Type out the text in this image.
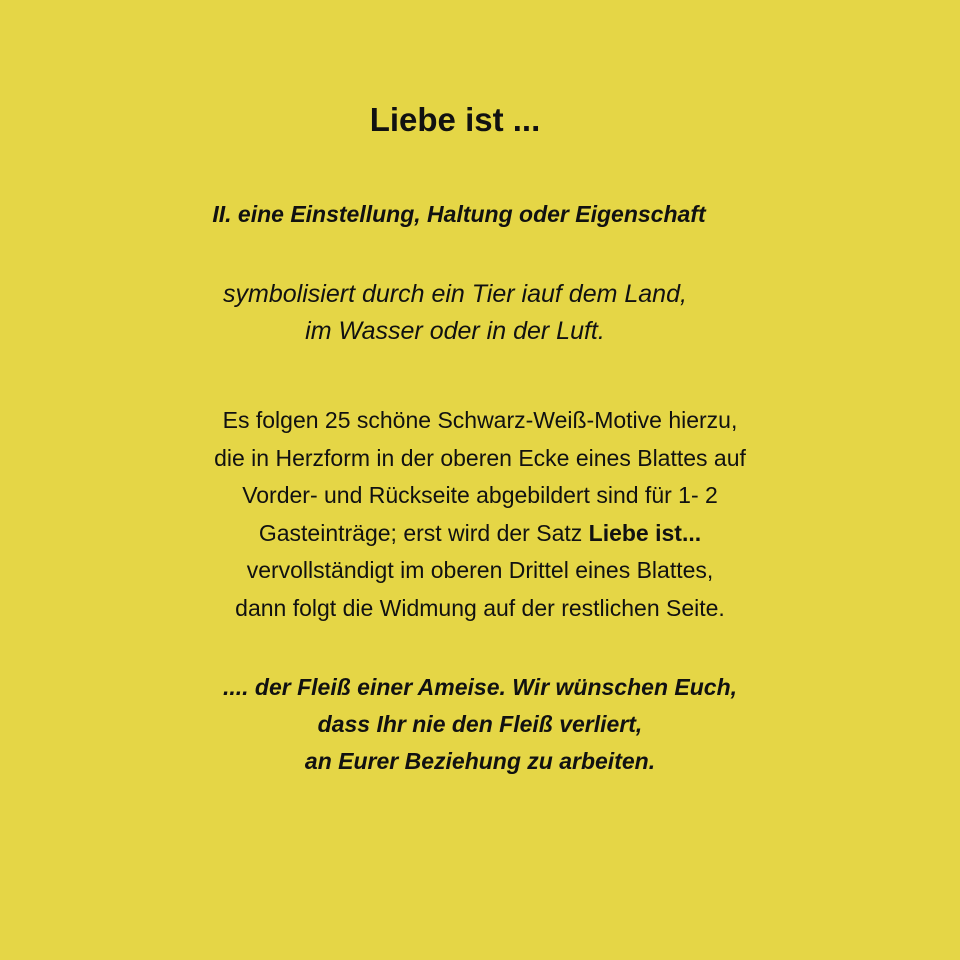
Liebe ist ...
II. eine Einstellung, Haltung oder Eigenschaft
symbolisiert durch ein Tier iauf dem Land,
im Wasser oder in der Luft.
Es folgen 25 schöne Schwarz-Weiß-Motive hierzu,
die in Herzform in der oberen Ecke eines Blattes auf
Vorder- und Rückseite abgebildert sind für 1- 2
Gasteinträge; erst wird der Satz Liebe ist...
vervollständigt im oberen Drittel eines Blattes,
dann folgt die Widmung auf der restlichen Seite.
.... der Fleiß einer Ameise. Wir wünschen Euch,
dass Ihr nie den Fleiß verliert,
an Eurer Beziehung zu arbeiten.
